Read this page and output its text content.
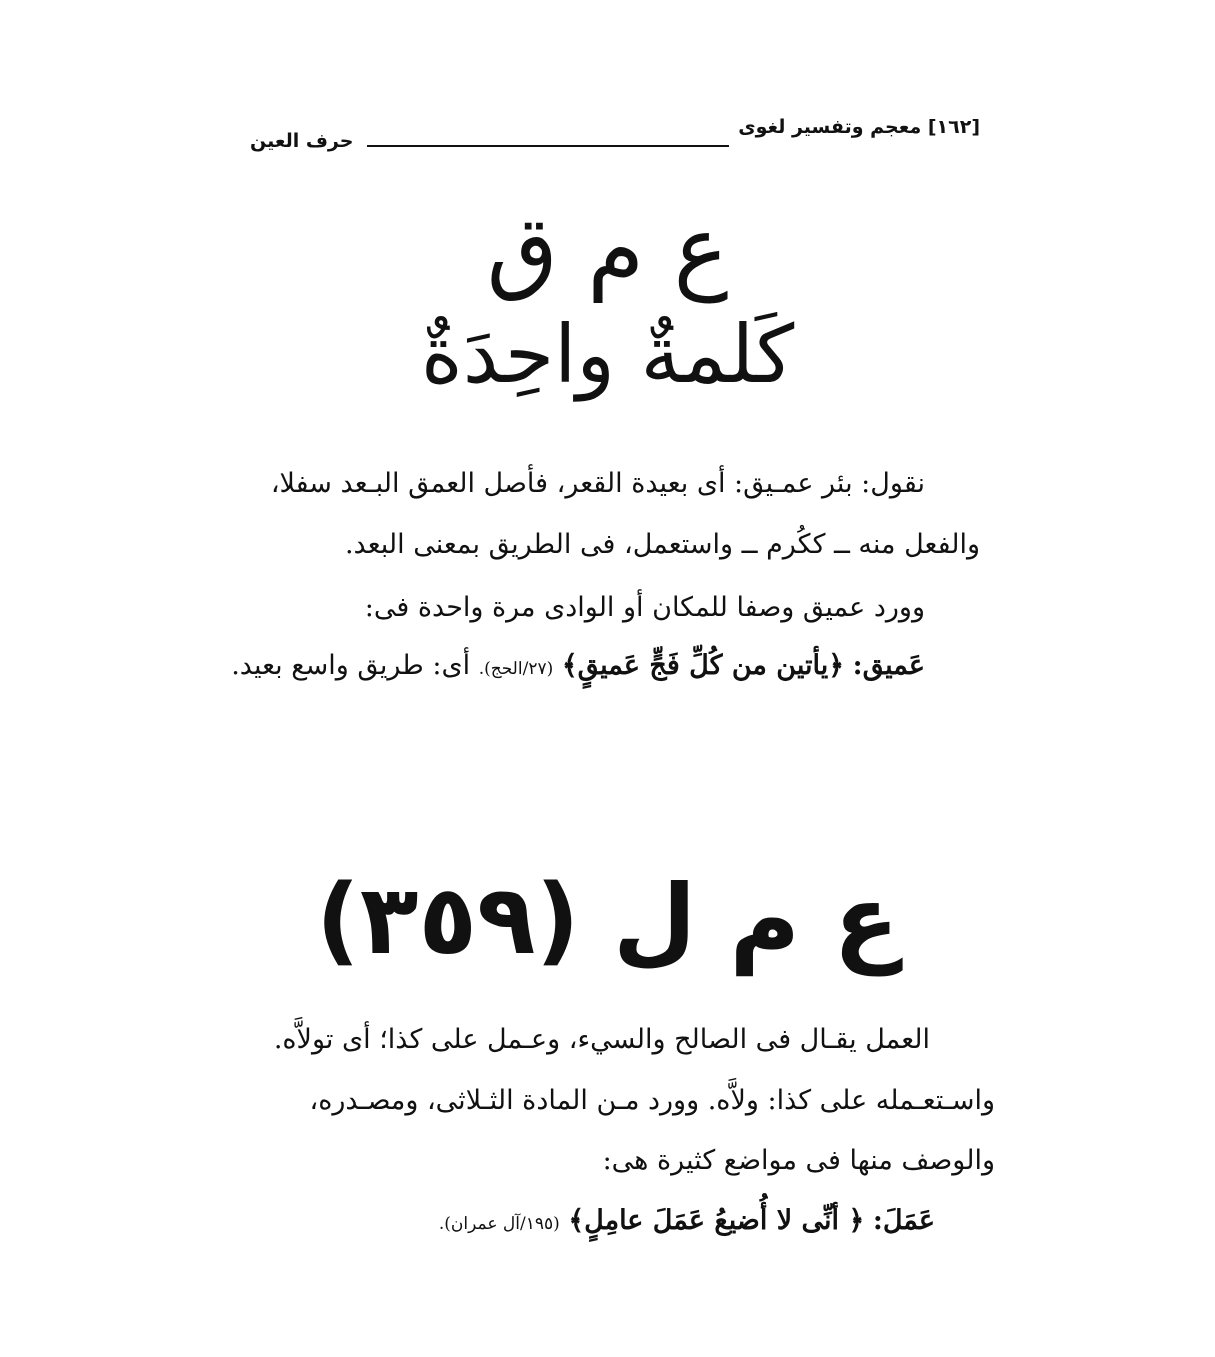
[١٦٢] معجم وتفسير لغوى
حرف العين
ع م ق
كَلمةٌ واحِدَةٌ
نقول: بئر عمـيق: أى بعيدة القعر، فأصل العمق البـعد سفلا،
والفعل منه ــ ككُرم ــ واستعمل، فى الطريق بمعنى البعد.
وورد عميق وصفا للمكان أو الوادى مرة واحدة فى:
عَميق: ﴿يأتين من كُلِّ فَجٍّ عَميقٍ﴾ (٢٧/الحج). أى: طريق واسع بعيد.
ع م ل (٣٥٩)
العمل يقـال فى الصالح والسيء، وعـمل على كذا؛ أى تولاَّه.
واسـتعـمله على كذا: ولاَّه. وورد مـن المادة الثـلاثى، ومصـدره،
والوصف منها فى مواضع كثيرة هى:
عَمَلَ: ﴿ أنِّى لا أُضيعُ عَمَلَ عامِلٍ﴾ (١٩٥/آل عمران).
